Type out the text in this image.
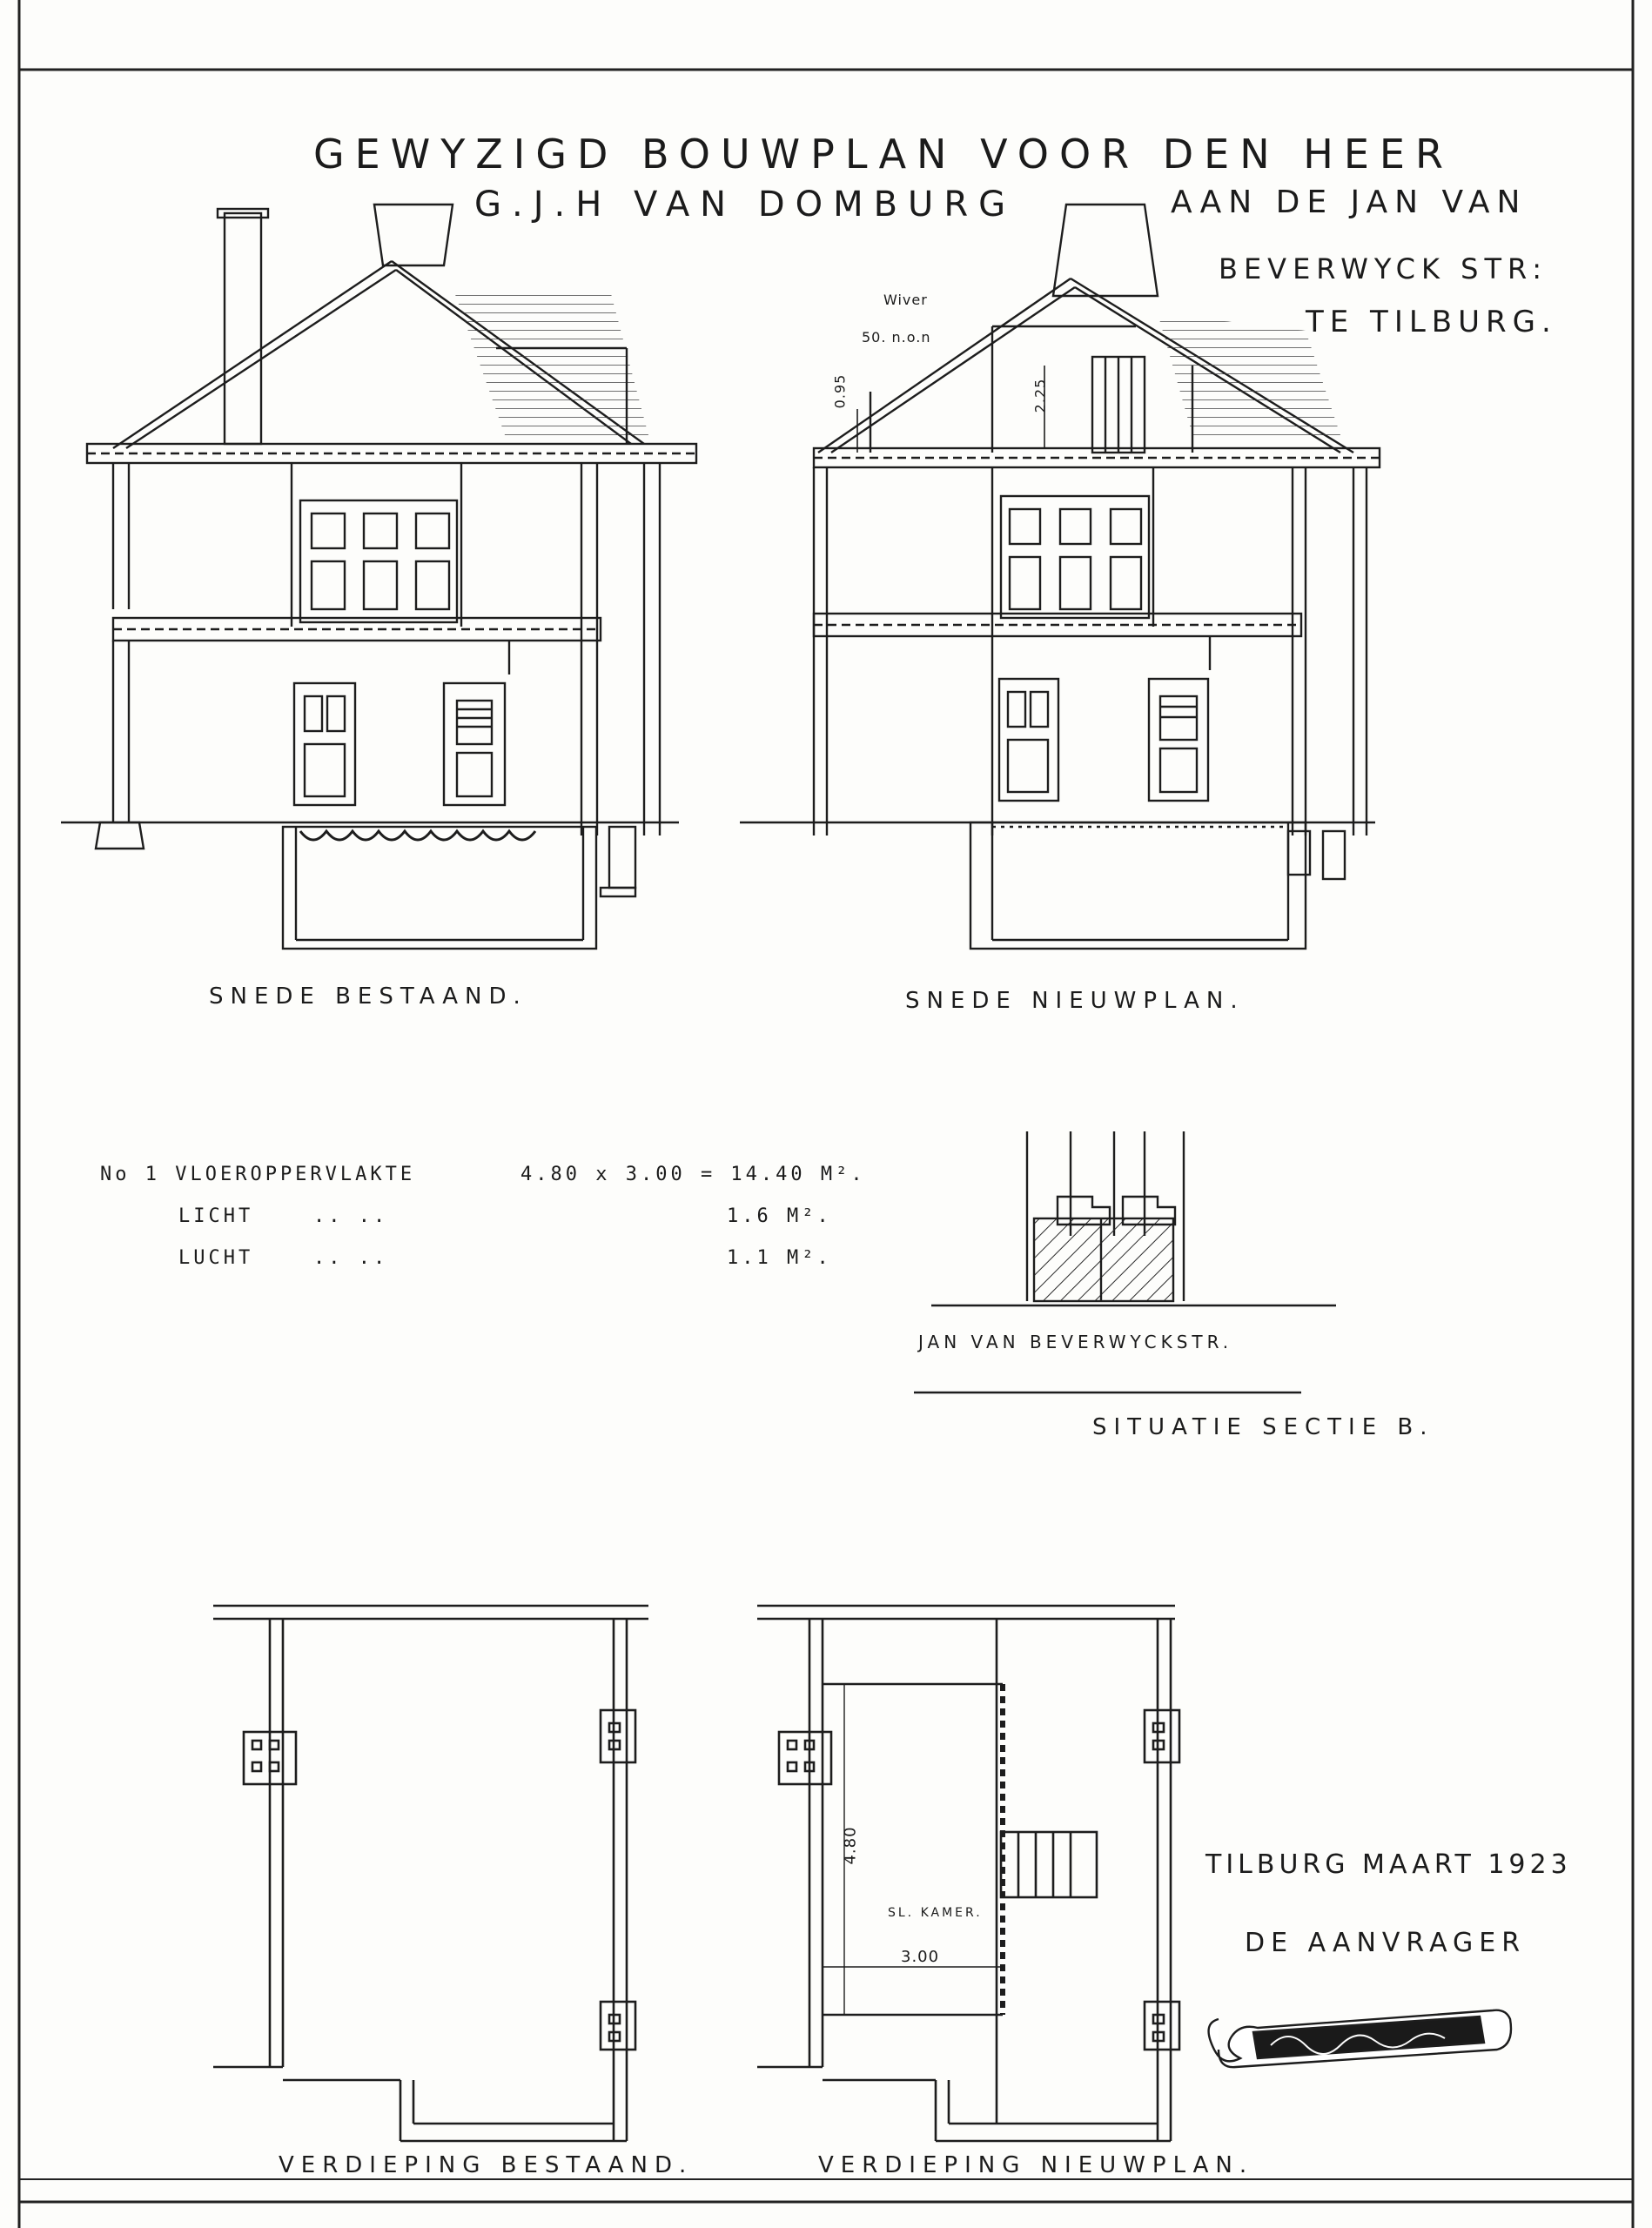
GEWYZIGD BOUWPLAN VOOR DEN HEER
G.J.H VAN DOMBURG	AAN DE JAN VAN
BEVERWYCK STR:
TE TILBURG.
Wiver
50. n.o.n
0.95	2.25
SNEDE BESTAAND.	SNEDE NIEUWPLAN.
No 1 VLOEROPPERVLAKTE	4.80 x 3.00 = 14.40 M².
LICHT	.. ..	1.6 M².
LUCHT	.. ..	1.1 M².
JAN VAN BEVERWYCKSTR.
SITUATIE SECTIE B.
SL. KAMER.
4.80
3.00
VERDIEPING BESTAAND.	VERDIEPING NIEUWPLAN.
TILBURG MAART 1923
DE AANVRAGER
